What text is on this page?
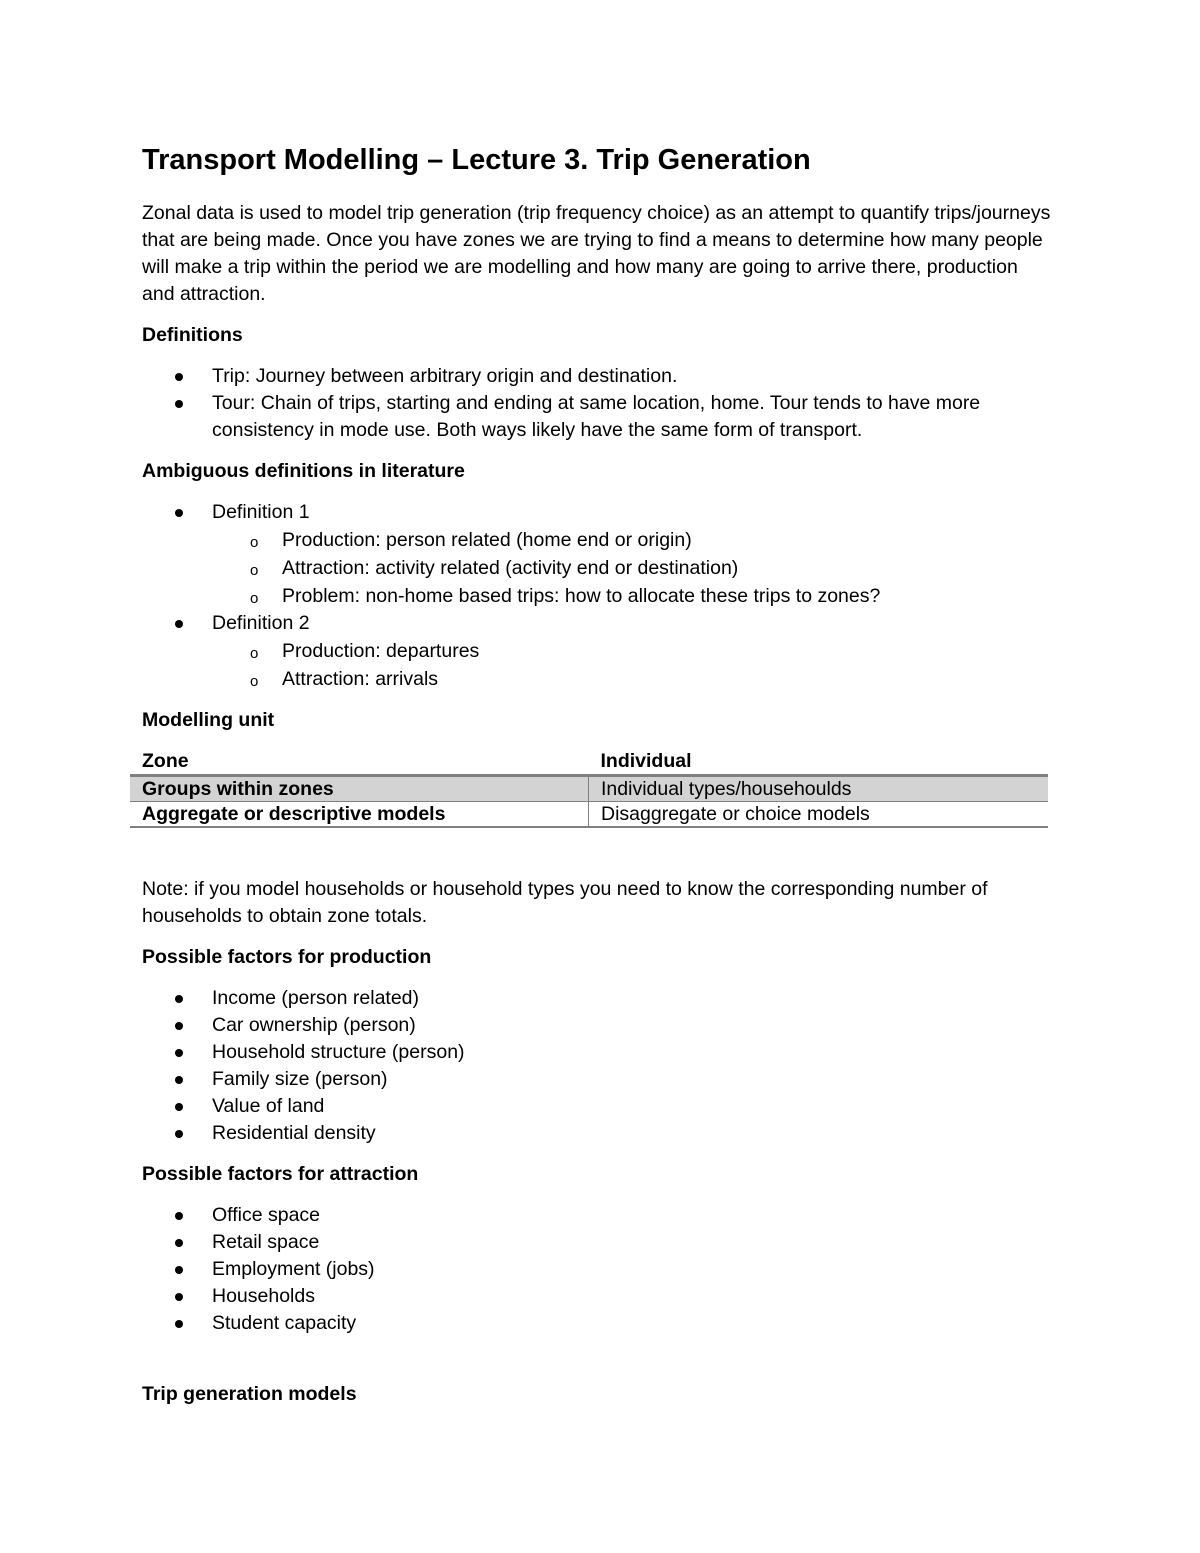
Transport Modelling – Lecture 3. Trip Generation

Zonal data is used to model trip generation (trip frequency choice) as an attempt to quantify trips/journeys that are being made. Once you have zones we are trying to find a means to determine how many people will make a trip within the period we are modelling and how many are going to arrive there, production and attraction.

Definitions
Trip: Journey between arbitrary origin and destination.
Tour: Chain of trips, starting and ending at same location, home. Tour tends to have more consistency in mode use. Both ways likely have the same form of transport.
Ambiguous definitions in literature
Definition 1
o Production: person related (home end or origin)
o Attraction: activity related (activity end or destination)
o Problem: non-home based trips: how to allocate these trips to zones?
Definition 2
o Production: departures
o Attraction: arrivals
Modelling unit
Zone	Individual
Groups within zones	Individual types/househoulds
Aggregate or descriptive models	Disaggregate or choice models

Note: if you model households or household types you need to know the corresponding number of households to obtain zone totals.

Possible factors for production
Income (person related)
Car ownership (person)
Household structure (person)
Family size (person)
Value of land
Residential density
Possible factors for attraction
Office space
Retail space
Employment (jobs)
Households
Student capacity
Trip generation models
